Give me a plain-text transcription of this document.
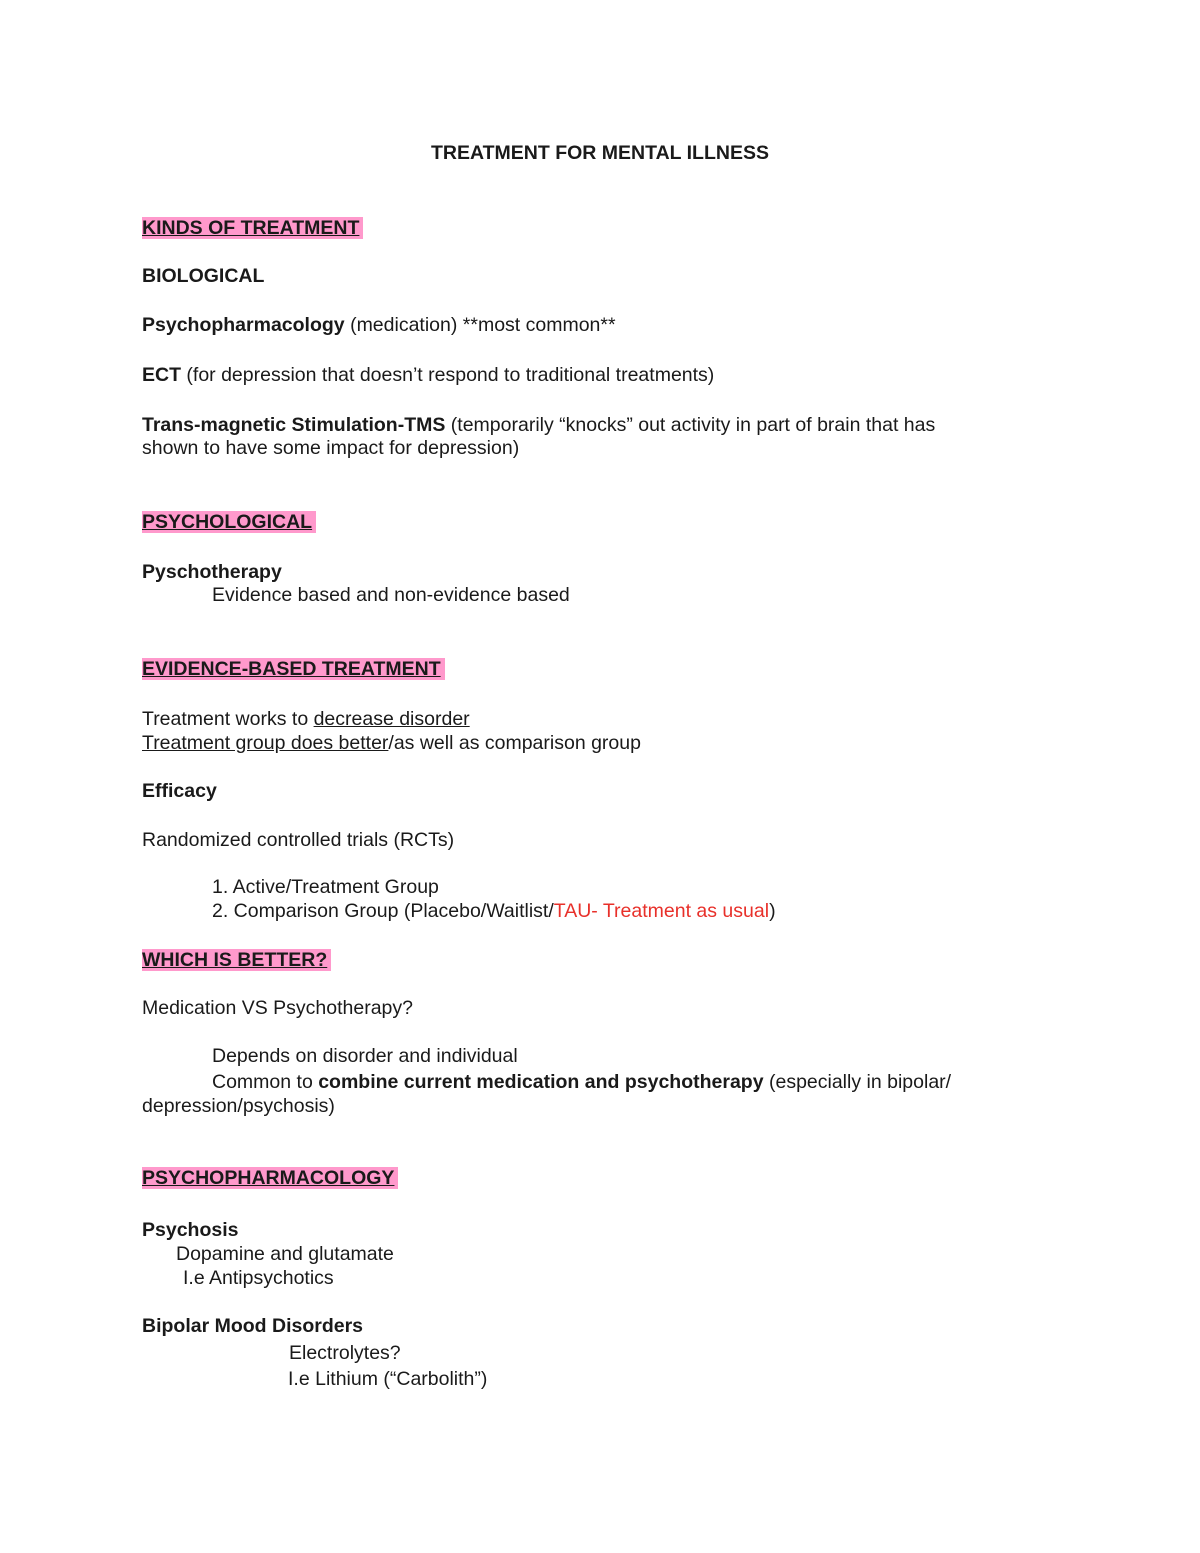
TREATMENT FOR MENTAL ILLNESS
KINDS OF TREATMENT
BIOLOGICAL
Psychopharmacology (medication) **most common**
ECT (for depression that doesn’t respond to traditional treatments)
Trans-magnetic Stimulation-TMS (temporarily “knocks” out activity in part of brain that has
shown to have some impact for depression)
PSYCHOLOGICAL
Pyschotherapy
Evidence based and non-evidence based
EVIDENCE-BASED TREATMENT
Treatment works to decrease disorder
Treatment group does better/as well as comparison group
Efficacy
Randomized controlled trials (RCTs)
1. Active/Treatment Group
2. Comparison Group (Placebo/Waitlist/TAU- Treatment as usual)
WHICH IS BETTER?
Medication VS Psychotherapy?
Depends on disorder and individual
Common to combine current medication and psychotherapy (especially in bipolar/
depression/psychosis)
PSYCHOPHARMACOLOGY
Psychosis
Dopamine and glutamate
I.e Antipsychotics
Bipolar Mood Disorders
Electrolytes?
I.e Lithium (“Carbolith”)
